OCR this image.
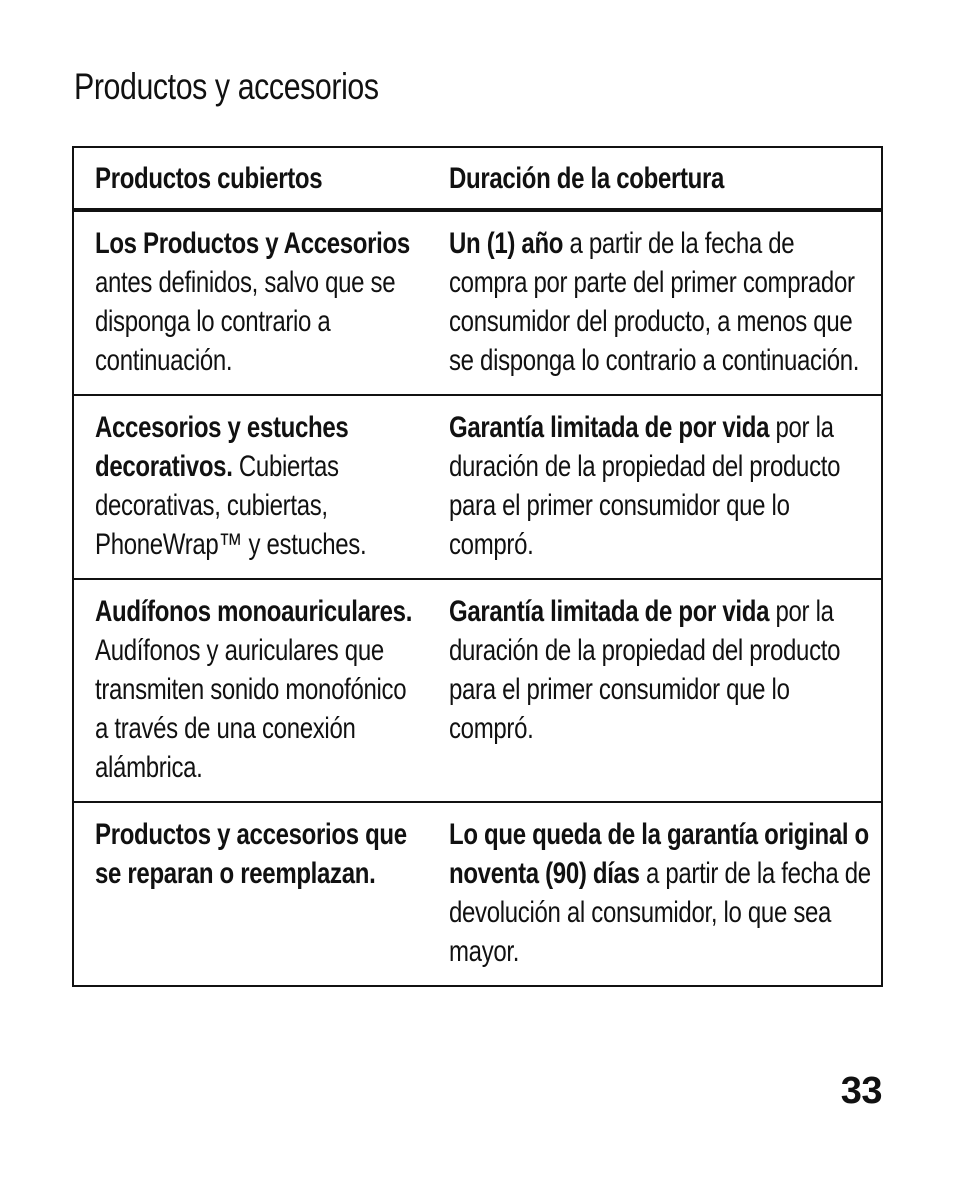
Productos y accesorios
Productos cubiertos	Duración de la cobertura
Los Productos y Accesorios antes definidos, salvo que se disponga lo contrario a continuación.
Un (1) año a partir de la fecha de compra por parte del primer comprador consumidor del producto, a menos que se disponga lo contrario a continuación.
Accesorios y estuches decorativos. Cubiertas decorativas, cubiertas, PhoneWrap™ y estuches.
Garantía limitada de por vida por la duración de la propiedad del producto para el primer consumidor que lo compró.
Audífonos monoauriculares. Audífonos y auriculares que transmiten sonido monofónico a través de una conexión alámbrica.
Garantía limitada de por vida por la duración de la propiedad del producto para el primer consumidor que lo compró.
Productos y accesorios que se reparan o reemplazan.
Lo que queda de la garantía original o noventa (90) días a partir de la fecha de devolución al consumidor, lo que sea mayor.
33
